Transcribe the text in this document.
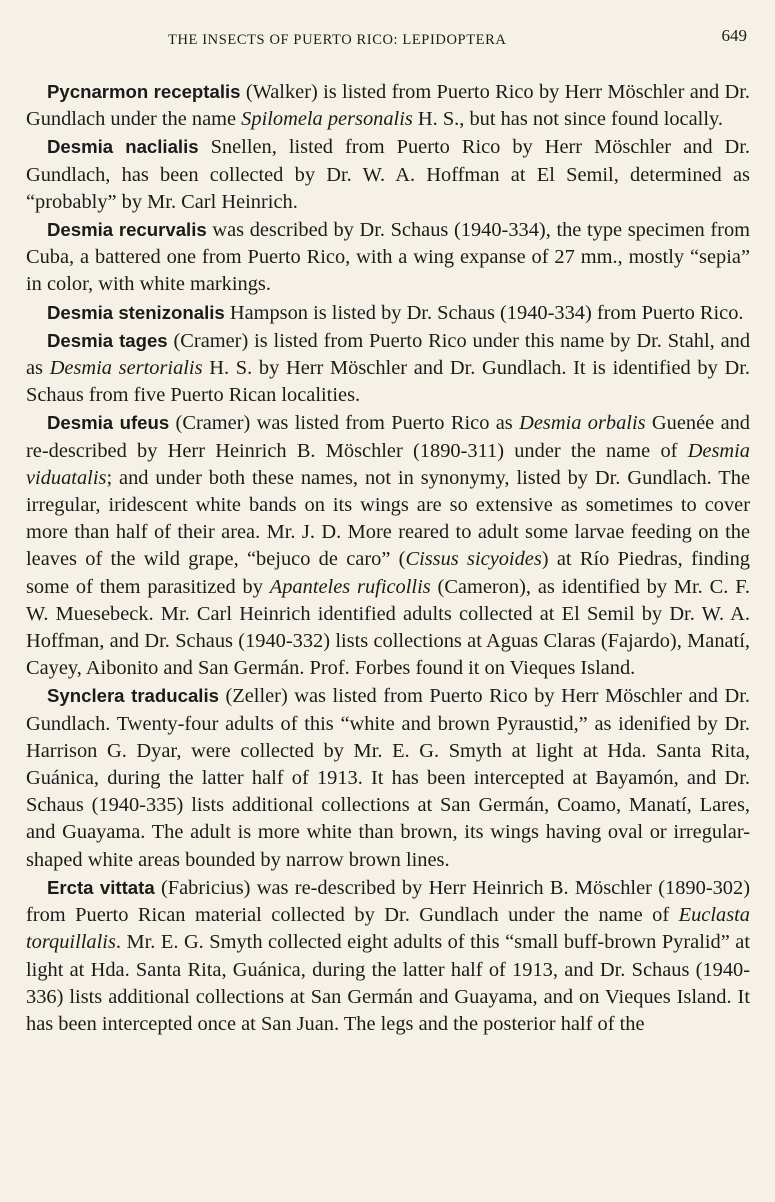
THE INSECTS OF PUERTO RICO: LEPIDOPTERA	649

Pycnarmon receptalis (Walker) is listed from Puerto Rico by Herr Möschler and Dr. Gundlach under the name Spilomela personalis H. S., but has not since found locally.

Desmia naclialis Snellen, listed from Puerto Rico by Herr Möschler and Dr. Gundlach, has been collected by Dr. W. A. Hoffman at El Semil, determined as “probably” by Mr. Carl Heinrich.

Desmia recurvalis was described by Dr. Schaus (1940-334), the type specimen from Cuba, a battered one from Puerto Rico, with a wing expanse of 27 mm., mostly “sepia” in color, with white markings.

Desmia stenizonalis Hampson is listed by Dr. Schaus (1940-334) from Puerto Rico.

Desmia tages (Cramer) is listed from Puerto Rico under this name by Dr. Stahl, and as Desmia sertorialis H. S. by Herr Möschler and Dr. Gundlach. It is identified by Dr. Schaus from five Puerto Rican localities.

Desmia ufeus (Cramer) was listed from Puerto Rico as Desmia orbalis Guenée and re-described by Herr Heinrich B. Möschler (1890-311) under the name of Desmia viduatalis; and under both these names, not in synonymy, listed by Dr. Gundlach. The irregular, iridescent white bands on its wings are so extensive as sometimes to cover more than half of their area. Mr. J. D. More reared to adult some larvae feeding on the leaves of the wild grape, “bejuco de caro” (Cissus sicyoides) at Río Piedras, finding some of them parasitized by Apanteles ruficollis (Cameron), as identified by Mr. C. F. W. Muesebeck. Mr. Carl Heinrich identified adults collected at El Semil by Dr. W. A. Hoffman, and Dr. Schaus (1940-332) lists collections at Aguas Claras (Fajardo), Manatí, Cayey, Aibonito and San Germán. Prof. Forbes found it on Vieques Island.

Synclera traducalis (Zeller) was listed from Puerto Rico by Herr Möschler and Dr. Gundlach. Twenty-four adults of this “white and brown Pyraustid,” as idenified by Dr. Harrison G. Dyar, were collected by Mr. E. G. Smyth at light at Hda. Santa Rita, Guánica, during the latter half of 1913. It has been intercepted at Bayamón, and Dr. Schaus (1940-335) lists additional collections at San Germán, Coamo, Manatí, Lares, and Guayama. The adult is more white than brown, its wings having oval or irregular-shaped white areas bounded by narrow brown lines.

Ercta vittata (Fabricius) was re-described by Herr Heinrich B. Möschler (1890-302) from Puerto Rican material collected by Dr. Gundlach under the name of Euclasta torquillalis. Mr. E. G. Smyth collected eight adults of this “small buff-brown Pyralid” at light at Hda. Santa Rita, Guánica, during the latter half of 1913, and Dr. Schaus (1940-336) lists additional collections at San Germán and Guayama, and on Vieques Island. It has been intercepted once at San Juan. The legs and the posterior half of the
